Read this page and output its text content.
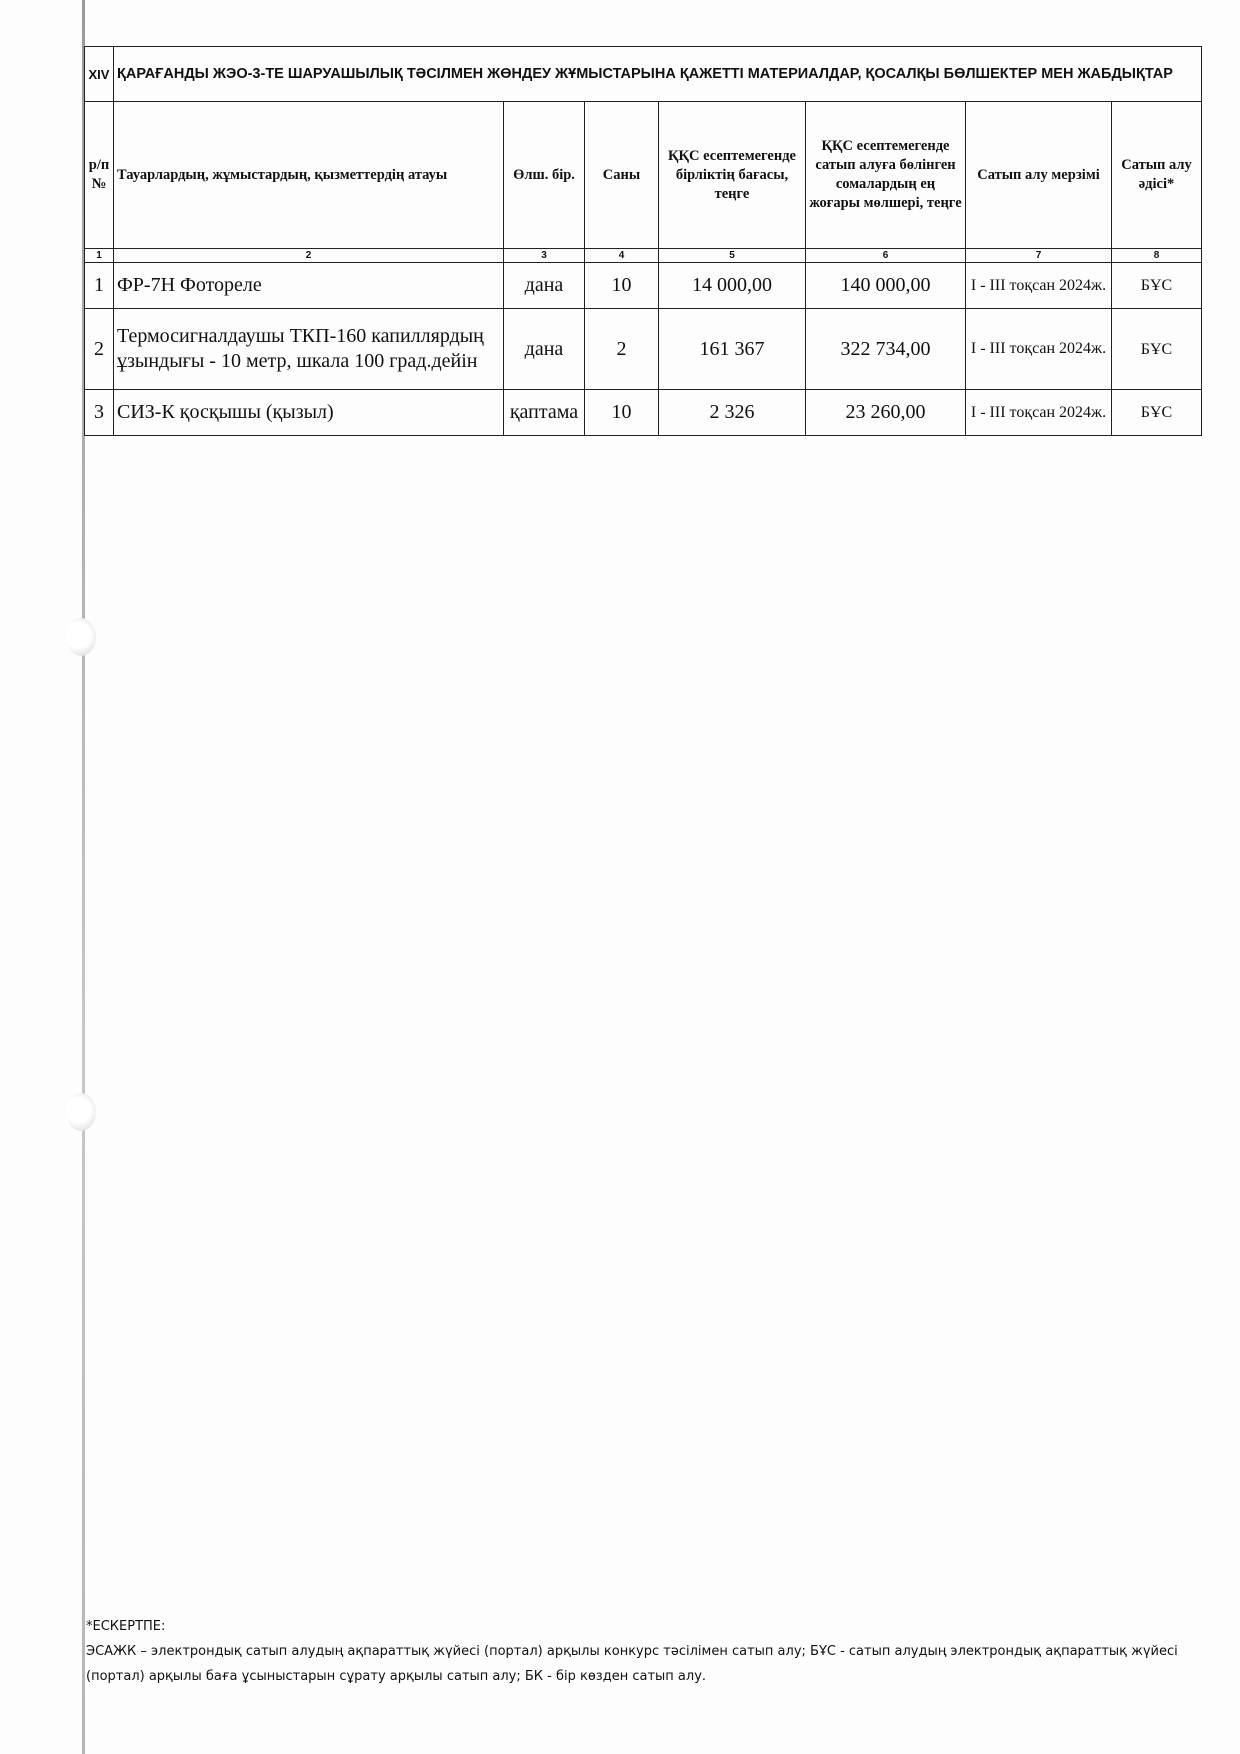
XIV	ҚАРАҒАНДЫ ЖЭО-3-ТЕ ШАРУАШЫЛЫҚ ТӘСІЛМЕН ЖӨНДЕУ ЖҰМЫСТАРЫНА ҚАЖЕТТІ МАТЕРИАЛДАР, ҚОСАЛҚЫ БӨЛШЕКТЕР МЕН ЖАБДЫҚТАР						
р/п №	Тауарлардың, жұмыстардың, қызметтердің атауы	Өлш. бір.	Саны	ҚҚС есептемегенде бірліктің бағасы, теңге	ҚҚС есептемегенде сатып алуға бөлінген сомалардың ең жоғары мөлшері, теңге	Сатып алу мерзімі	Сатып алу әдісі*
1	2	3	4	5	6	7	8
1	ФР-7Н Фотореле	дана	10	14 000,00	140 000,00	I - III тоқсан 2024ж.	БҰС
2	Термосигналдаушы ТКП-160 капиллярдың ұзындығы - 10 метр, шкала 100 град.дейін	дана	2	161 367	322 734,00	I - III тоқсан 2024ж.	БҰС
3	СИЗ-К қосқышы (қызыл)	қаптама	10	2 326	23 260,00	I - III тоқсан 2024ж.	БҰС
*ЕСКЕРТПЕ:
ЭСАЖК – электрондық сатып алудың ақпараттық жүйесі (портал) арқылы конкурс тәсілімен сатып алу; БҰС - сатып алудың электрондық ақпараттық жүйесі (портал) арқылы баға ұсыныстарын сұрату арқылы сатып алу; БК - бір көзден сатып алу.
